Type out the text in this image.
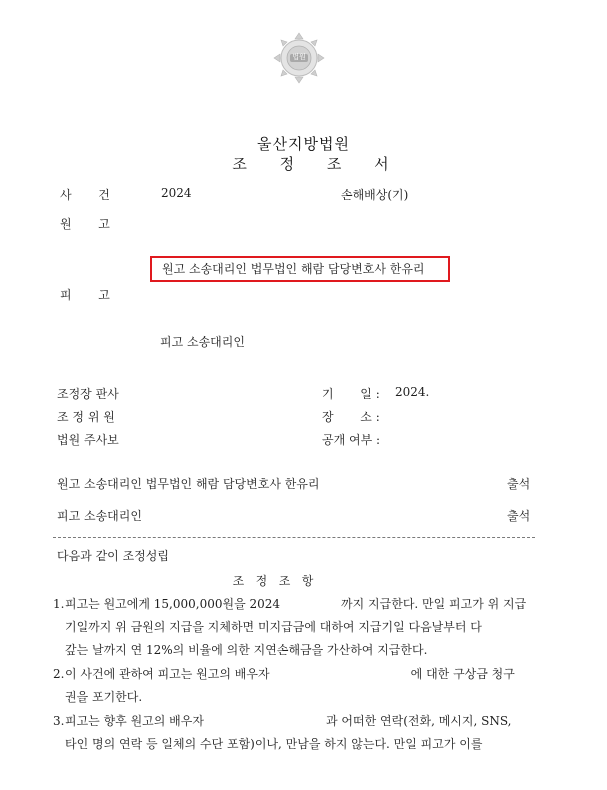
법원
울산지방법원
조 정 조 서
사       건	2024	손해배상(기)
원       고
원고 소송대리인 법무법인 해람 담당변호사 한유리
피       고
피고 소송대리인
조정장 판사
조 정 위 원
법원 주사보
기       일 : 2024.
장       소 :
공개 여부 :
원고 소송대리인 법무법인 해람 담당변호사 한유리	출석
피고 소송대리인	출석
다음과 같이 조정성립
조   정   조   항
1. 피고는 원고에게 15,000,000원을 2024                까지 지급한다. 만일 피고가 위 지급
기일까지 위 금원의 지급을 지체하면 미지급금에 대하여 지급기일 다음날부터 다
갚는 날까지 연 12%의 비율에 의한 지연손해금을 가산하여 지급한다.
2. 이 사건에 관하여 피고는 원고의 배우자                                     에 대한 구상금 청구
권을 포기한다.
3. 피고는 향후 원고의 배우자                                과 어떠한 연락(전화, 메시지, SNS,
타인 명의 연락 등 일체의 수단 포함)이나, 만남을 하지 않는다. 만일 피고가 이를
